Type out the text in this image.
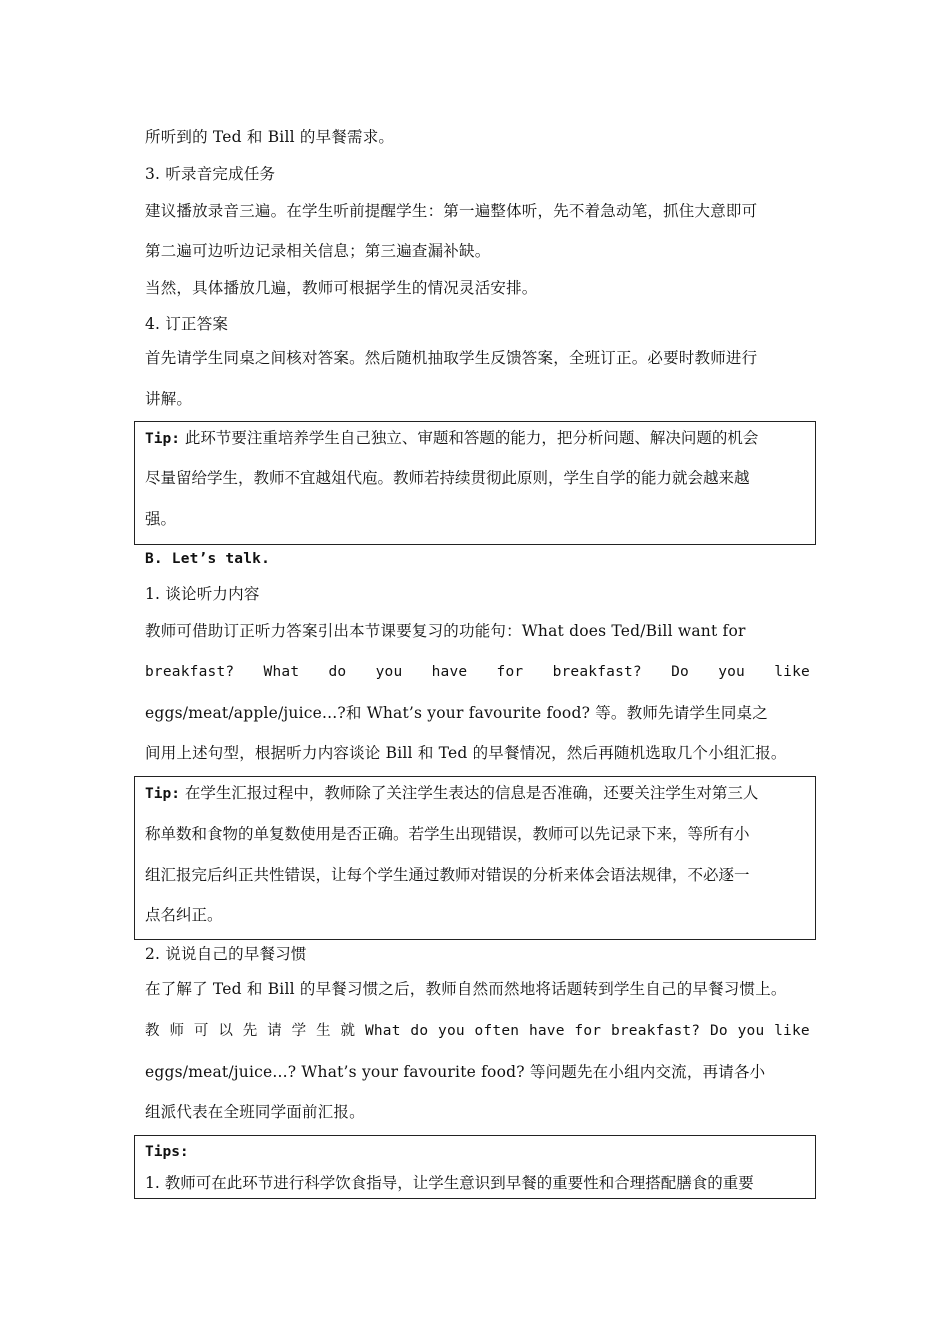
所听到的 Ted 和 Bill 的早餐需求。
3. 听录音完成任务
建议播放录音三遍。在学生听前提醒学生：第一遍整体听，先不着急动笔，抓住大意即可
第二遍可边听边记录相关信息；第三遍查漏补缺。
当然，具体播放几遍，教师可根据学生的情况灵活安排。
4. 订正答案
首先请学生同桌之间核对答案。然后随机抽取学生反馈答案，全班订正。必要时教师进行
讲解。
Tip: 此环节要注重培养学生自己独立、审题和答题的能力，把分析问题、解决问题的机会
尽量留给学生，教师不宜越俎代庖。教师若持续贯彻此原则，学生自学的能力就会越来越
强。
B. Let’s talk.
1. 谈论听力内容
教师可借助订正听力答案引出本节课要复习的功能句：What does Ted/Bill want for
breakfast? What do you have for breakfast? Do you like
eggs/meat/apple/juice...?和 What’s your favourite food? 等。教师先请学生同桌之
间用上述句型，根据听力内容谈论 Bill 和 Ted 的早餐情况，然后再随机选取几个小组汇报。
Tip: 在学生汇报过程中，教师除了关注学生表达的信息是否准确，还要关注学生对第三人
称单数和食物的单复数使用是否正确。若学生出现错误，教师可以先记录下来，等所有小
组汇报完后纠正共性错误，让每个学生通过教师对错误的分析来体会语法规律，不必逐一
点名纠正。
2. 说说自己的早餐习惯
在了解了 Ted 和 Bill 的早餐习惯之后，教师自然而然地将话题转到学生自己的早餐习惯上。
教 师 可 以 先 请 学 生 就 What do you often have for breakfast? Do you like
eggs/meat/juice...? What’s your favourite food? 等问题先在小组内交流，再请各小
组派代表在全班同学面前汇报。
Tips:
1. 教师可在此环节进行科学饮食指导，让学生意识到早餐的重要性和合理搭配膳食的重要
